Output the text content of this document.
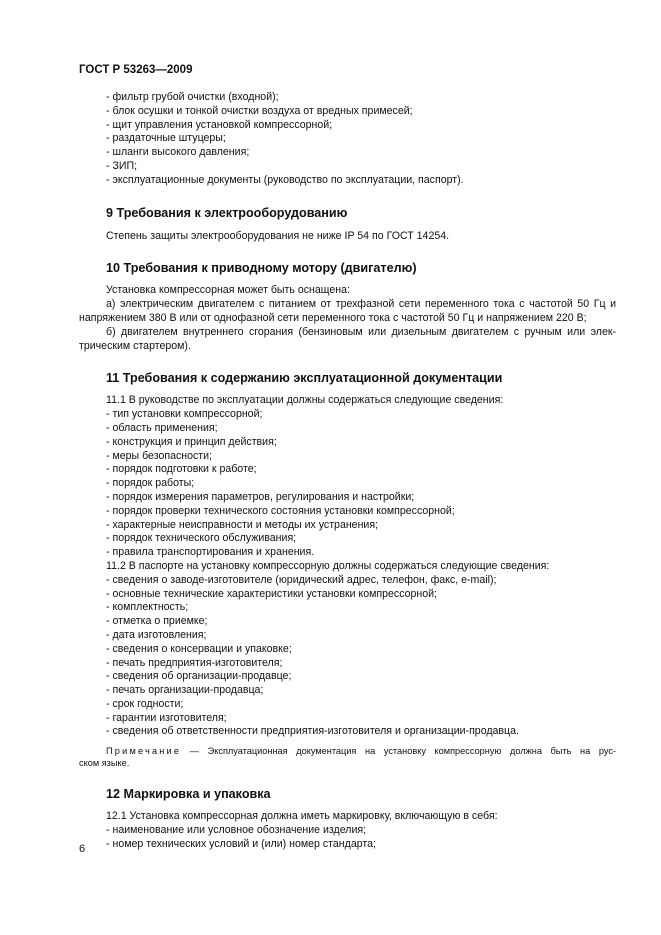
ГОСТ Р 53263—2009
- фильтр грубой очистки (входной);
- блок осушки и тонкой очистки воздуха от вредных примесей;
- щит управления установкой компрессорной;
- раздаточные штуцеры;
- шланги высокого давления;
- ЗИП;
- эксплуатационные документы (руководство по эксплуатации, паспорт).
9 Требования к электрооборудованию
Степень защиты электрооборудования не ниже IP 54 по ГОСТ 14254.
10 Требования к приводному мотору (двигателю)
Установка компрессорная может быть оснащена:
а) электрическим двигателем с питанием от трехфазной сети переменного тока с частотой 50 Гц и
напряжением 380 В или от однофазной сети переменного тока с частотой 50 Гц и напряжением 220 В;
б) двигателем внутреннего сгорания (бензиновым или дизельным двигателем с ручным или элек-
трическим стартером).
11 Требования к содержанию эксплуатационной документации
11.1 В руководстве по эксплуатации должны содержаться следующие сведения:
- тип установки компрессорной;
- область применения;
- конструкция и принцип действия;
- меры безопасности;
- порядок подготовки к работе;
- порядок работы;
- порядок измерения параметров, регулирования и настройки;
- порядок проверки технического состояния установки компрессорной;
- характерные неисправности и методы их устранения;
- порядок технического обслуживания;
- правила транспортирования и хранения.
11.2 В паспорте на установку компрессорную должны содержаться следующие сведения:
- сведения о заводе-изготовителе (юридический адрес, телефон, факс, e-mail);
- основные технические характеристики установки компрессорной;
- комплектность;
- отметка о приемке;
- дата изготовления;
- сведения о консервации и упаковке;
- печать предприятия-изготовителя;
- сведения об организации-продавце;
- печать организации-продавца;
- срок годности;
- гарантии изготовителя;
- сведения об ответственности предприятия-изготовителя и организации-продавца.
Примечание — Эксплуатационная документация на установку компрессорную должна быть на рус-
ском языке.
12 Маркировка и упаковка
12.1 Установка компрессорная должна иметь маркировку, включающую в себя:
- наименование или условное обозначение изделия;
- номер технических условий и (или) номер стандарта;
6
